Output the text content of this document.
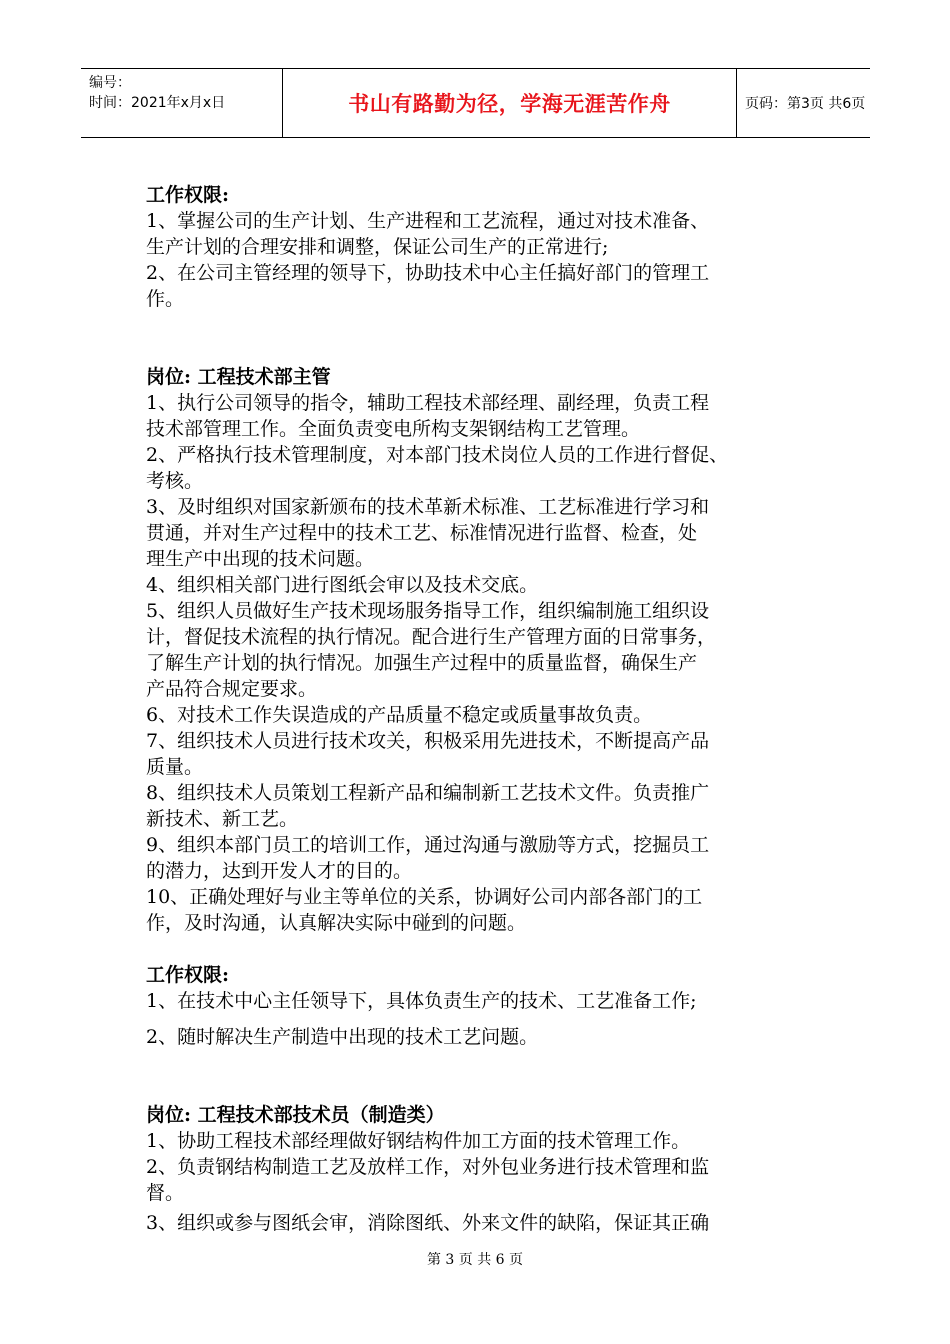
编号：
时间：2021年x月x日	书山有路勤为径，学海无涯苦作舟	页码：第3页 共6页

工作权限:

1、掌握公司的生产计划、生产进程和工艺流程，通过对技术准备、

生产计划的合理安排和调整，保证公司生产的正常进行;

2、在公司主管经理的领导下，协助技术中心主任搞好部门的管理工

作。

岗位: 工程技术部主管

1、执行公司领导的指令，辅助工程技术部经理、副经理，负责工程

技术部管理工作。全面负责变电所构支架钢结构工艺管理。

2、严格执行技术管理制度，对本部门技术岗位人员的工作进行督促、

考核。

3、及时组织对国家新颁布的技术革新术标准、工艺标准进行学习和

贯通，并对生产过程中的技术工艺、标准情况进行监督、检查，处

理生产中出现的技术问题。

4、组织相关部门进行图纸会审以及技术交底。

5、组织人员做好生产技术现场服务指导工作，组织编制施工组织设

计，督促技术流程的执行情况。配合进行生产管理方面的日常事务，

了解生产计划的执行情况。加强生产过程中的质量监督，确保生产

产品符合规定要求。

6、对技术工作失误造成的产品质量不稳定或质量事故负责。

7、组织技术人员进行技术攻关，积极采用先进技术，不断提高产品

质量。

8、组织技术人员策划工程新产品和编制新工艺技术文件。负责推广

新技术、新工艺。

9、组织本部门员工的培训工作，通过沟通与激励等方式，挖掘员工

的潜力，达到开发人才的目的。

10、正确处理好与业主等单位的关系，协调好公司内部各部门的工

作，及时沟通，认真解决实际中碰到的问题。

工作权限:

1、在技术中心主任领导下，具体负责生产的技术、工艺准备工作;

2、随时解决生产制造中出现的技术工艺问题。

岗位: 工程技术部技术员（制造类）

1、协助工程技术部经理做好钢结构件加工方面的技术管理工作。

2、负责钢结构制造工艺及放样工作，对外包业务进行技术管理和监

督。

3、组织或参与图纸会审，消除图纸、外来文件的缺陷，保证其正确

第 3 页 共 6 页
